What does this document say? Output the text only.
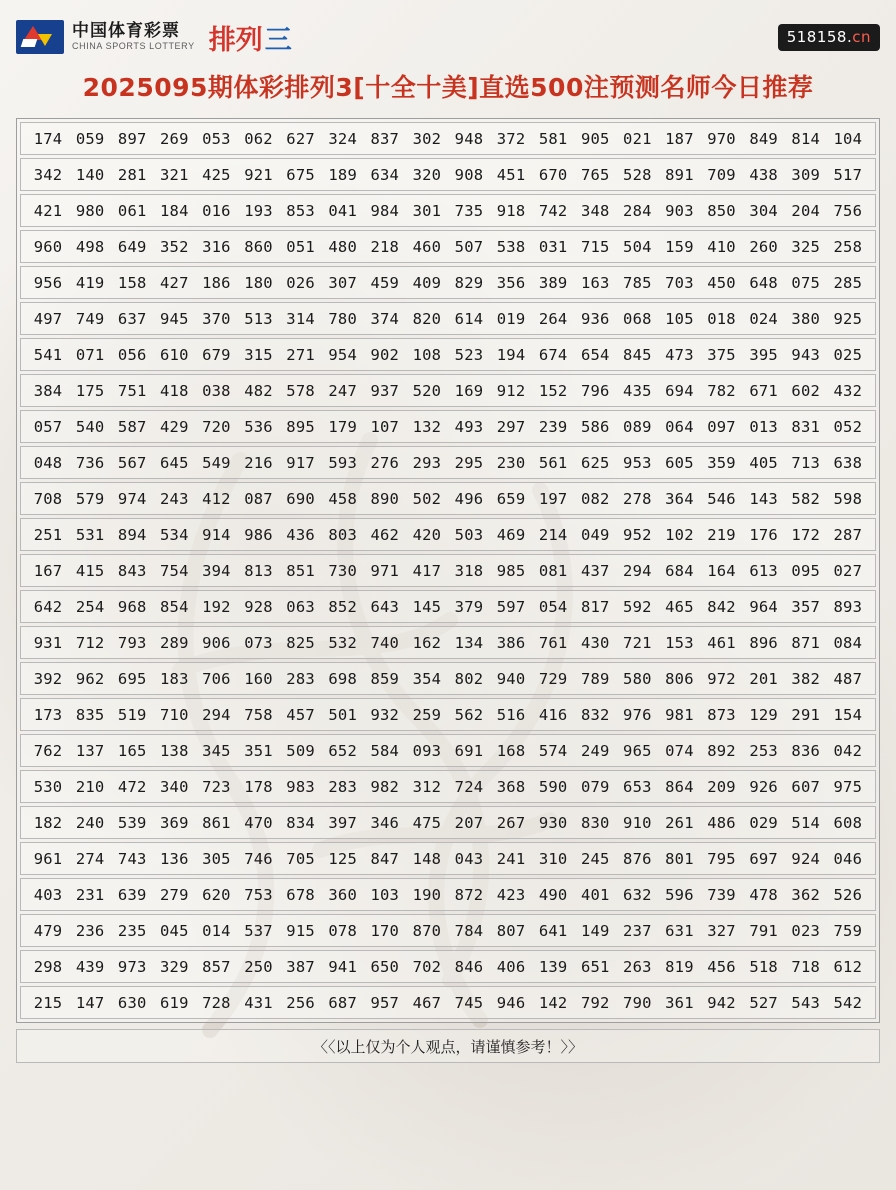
中国体育彩票
CHINA SPORTS LOTTERY 排列 三	518158.cn
2025095期体彩排列3[十全十美]直选500注预测名师今日推荐
174 059 897 269 053 062 627 324 837 302 948 372 581 905 021 187 970 849 814 104
342 140 281 321 425 921 675 189 634 320 908 451 670 765 528 891 709 438 309 517
421 980 061 184 016 193 853 041 984 301 735 918 742 348 284 903 850 304 204 756
960 498 649 352 316 860 051 480 218 460 507 538 031 715 504 159 410 260 325 258
956 419 158 427 186 180 026 307 459 409 829 356 389 163 785 703 450 648 075 285
497 749 637 945 370 513 314 780 374 820 614 019 264 936 068 105 018 024 380 925
541 071 056 610 679 315 271 954 902 108 523 194 674 654 845 473 375 395 943 025
384 175 751 418 038 482 578 247 937 520 169 912 152 796 435 694 782 671 602 432
057 540 587 429 720 536 895 179 107 132 493 297 239 586 089 064 097 013 831 052
048 736 567 645 549 216 917 593 276 293 295 230 561 625 953 605 359 405 713 638
708 579 974 243 412 087 690 458 890 502 496 659 197 082 278 364 546 143 582 598
251 531 894 534 914 986 436 803 462 420 503 469 214 049 952 102 219 176 172 287
167 415 843 754 394 813 851 730 971 417 318 985 081 437 294 684 164 613 095 027
642 254 968 854 192 928 063 852 643 145 379 597 054 817 592 465 842 964 357 893
931 712 793 289 906 073 825 532 740 162 134 386 761 430 721 153 461 896 871 084
392 962 695 183 706 160 283 698 859 354 802 940 729 789 580 806 972 201 382 487
173 835 519 710 294 758 457 501 932 259 562 516 416 832 976 981 873 129 291 154
762 137 165 138 345 351 509 652 584 093 691 168 574 249 965 074 892 253 836 042
530 210 472 340 723 178 983 283 982 312 724 368 590 079 653 864 209 926 607 975
182 240 539 369 861 470 834 397 346 475 207 267 930 830 910 261 486 029 514 608
961 274 743 136 305 746 705 125 847 148 043 241 310 245 876 801 795 697 924 046
403 231 639 279 620 753 678 360 103 190 872 423 490 401 632 596 739 478 362 526
479 236 235 045 014 537 915 078 170 870 784 807 641 149 237 631 327 791 023 759
298 439 973 329 857 250 387 941 650 702 846 406 139 651 263 819 456 518 718 612
215 147 630 619 728 431 256 687 957 467 745 946 142 792 790 361 942 527 543 542
〈〈以上仅为个人观点，请谨慎参考！〉〉
